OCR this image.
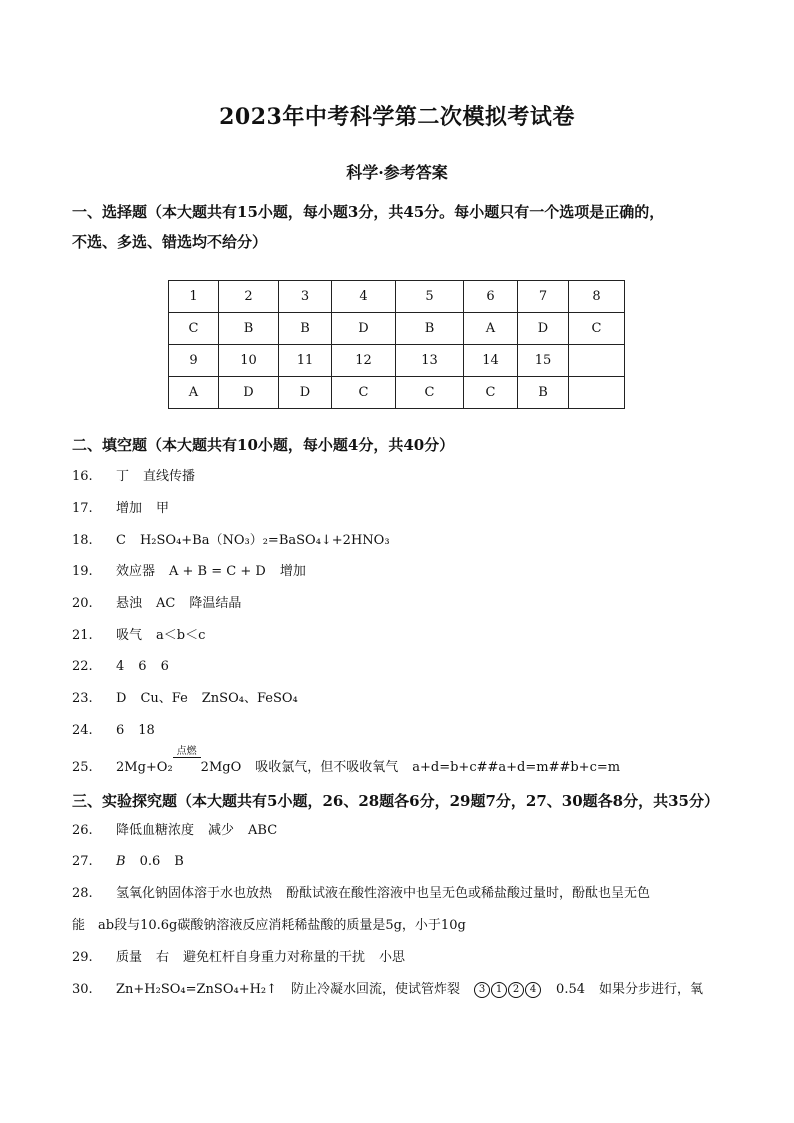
2023年中考科学第二次模拟考试卷
科学·参考答案
一、选择题（本大题共有15小题，每小题3分，共45分。每小题只有一个选项是正确的，
不选、多选、错选均不给分）
1	2	3	4	5	6	7	8
C	B	B	D	B	A	D	C
9	10	11	12	13	14	15	
A	D	D	C	C	C	B	
二、填空题（本大题共有10小题，每小题4分，共40分）
16. 丁 直线传播
17. 增加 甲
18. C H₂SO₄+Ba（NO₃）₂=BaSO₄↓+2HNO₃
19. 效应器 A + B = C + D 增加
20. 悬浊 AC 降温结晶
21. 吸气 a＜b＜c
22. 4 6 6
23. D Cu、Fe ZnSO₄、FeSO₄
24. 6 18
25. 2Mg+O₂
点燃
2MgO 吸收氯气，但不吸收氧气 a+d=b+c##a+d=m##b+c=m
三、实验探究题（本大题共有5小题，26、28题各6分，29题7分，27、30题各8分，共35分）
26. 降低血糖浓度 减少 ABC
27. B 0.6 B
28. 氢氧化钠固体溶于水也放热 酚酞试液在酸性溶液中也呈无色或稀盐酸过量时，酚酞也呈无色
能　ab段与10.6g碳酸钠溶液反应消耗稀盐酸的质量是5g，小于10g
29. 质量 右 避免杠杆自身重力对称量的干扰 小思
30. Zn+H₂SO₄=ZnSO₄+H₂↑ 防止冷凝水回流，使试管炸裂 3 1 2 4 0.54 如果分步进行，氧
